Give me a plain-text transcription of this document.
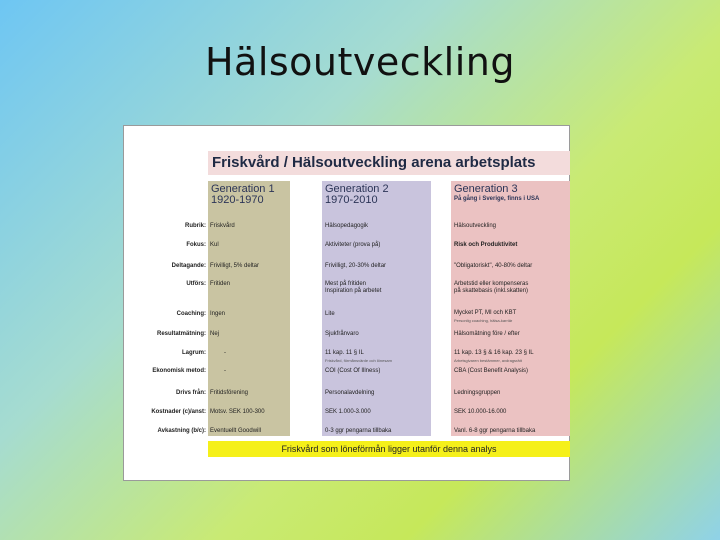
Hälsoutveckling
Friskvård / Hälsoutveckling arena arbetsplats
Generation 1
1920-1970
Generation 2
1970-2010
Generation 3
På gång i Sverige, finns i USA
Rubrik:
Fokus:
Deltagande:
Utförs:
Coaching:
Resultatmätning:
Lagrum:
Ekonomisk metod:
Drivs från:
Kostnader (c)/anst:
Avkastning (b/c):
Friskvård
Kul
Frivilligt, 5% deltar
Fritiden
Ingen
Nej
-
-
Fritidsförening
Motsv. SEK 100-300
Eventuellt Goodwill
Hälsopedagogik
Aktiviteter (prova på)
Frivilligt, 20-30% deltar
Mest på fritiden
Inspiration på arbetet
Lite
Sjukfrånvaro
11 kap. 11 § IL
Friskvård, förmånsvärde och lönesam
COI (Cost Of Illness)
Personalavdelning
SEK 1.000-3.000
0-3 ggr pengarna tillbaka
Hälsoutveckling
Risk och Produktivitet
"Obligatoriskt", 40-80% deltar
Arbetstid eller kompenseras
på skattebasis (inkl.skatten)
Mycket PT, MI och KBT
Personlig coaching, hälsa-karriär
Hälsomätning före / efter
11 kap. 13 § & 16 kap. 23 § IL
Arbetsgivaren bestämmer, avdragsrätt
CBA (Cost Benefit Analysis)
Ledningsgruppen
SEK 10.000-16.000
Vanl. 6-8 ggr pengarna tillbaka
Friskvård som löneförmån ligger utanför denna analys
